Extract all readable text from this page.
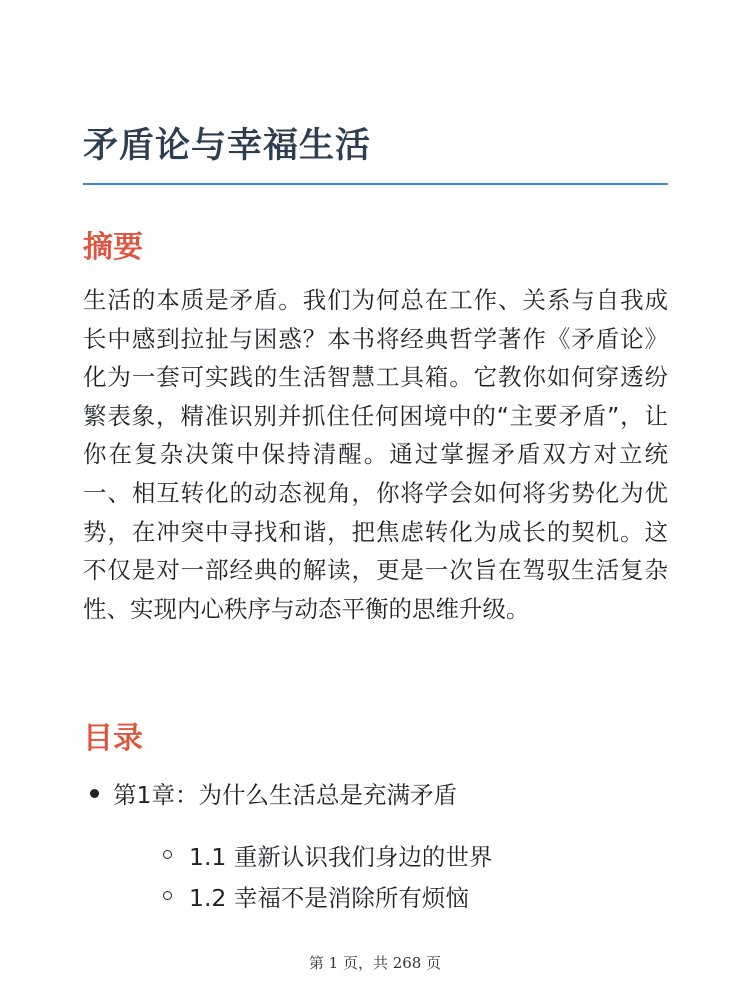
矛盾论与幸福生活
摘要

生活的本质是矛盾。我们为何总在工作、关系与自我成长中感到拉扯与困惑？本书将经典哲学著作《矛盾论》化为一套可实践的生活智慧工具箱。它教你如何穿透纷繁表象，精准识别并抓住任何困境中的“主要矛盾”，让你在复杂决策中保持清醒。通过掌握矛盾双方对立统一、相互转化的动态视角，你将学会如何将劣势化为优势，在冲突中寻找和谐，把焦虑转化为成长的契机。这不仅是对一部经典的解读，更是一次旨在驾驭生活复杂性、实现内心秩序与动态平衡的思维升级。

目录
第1章：为什么生活总是充满矛盾
1.1 重新认识我们身边的世界
1.2 幸福不是消除所有烦恼
第 1 页，共 268 页
